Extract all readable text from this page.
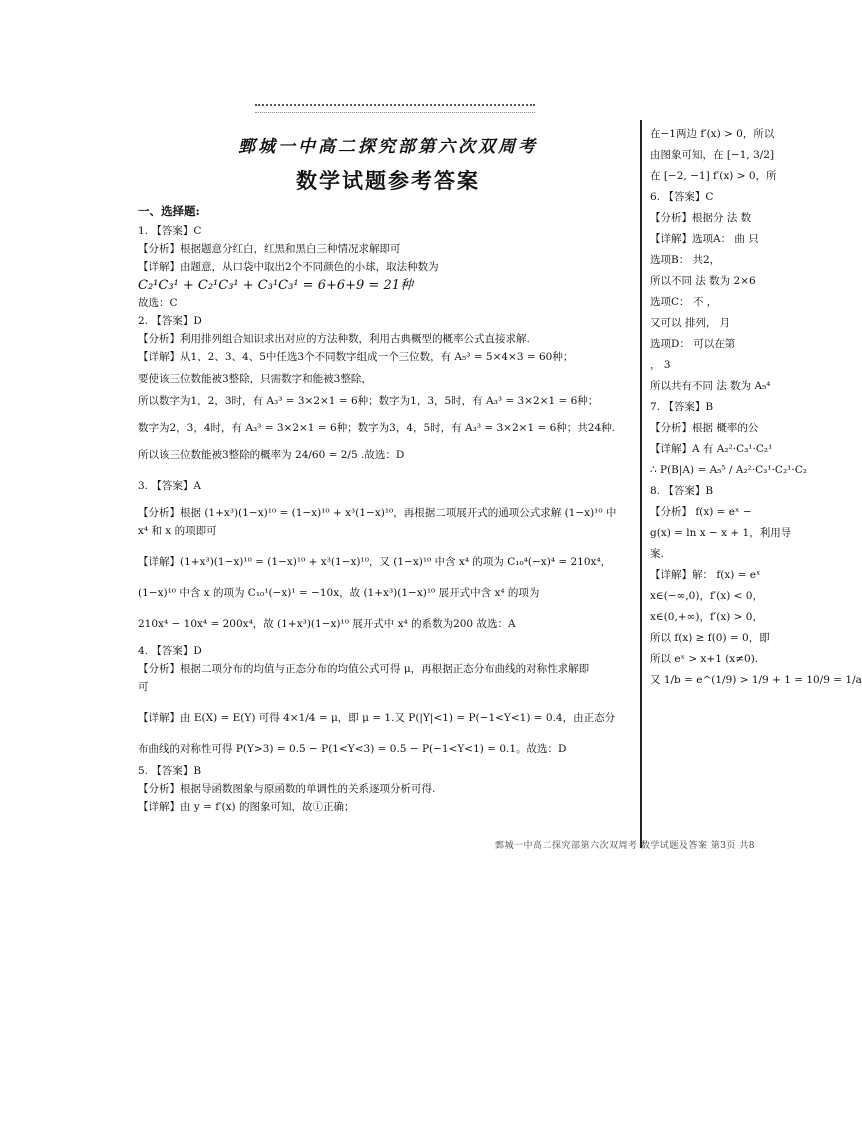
鄄城一中高二探究部第六次双周考
数学试题参考答案
一、选择题:
1. 【答案】C
【分析】根据题意分红白，红黑和黑白三种情况求解即可
【详解】由题意，从口袋中取出2个不同颜色的小球，取法种数为
C₂¹C₃¹ + C₂¹C₃¹ + C₃¹C₃¹ = 6+6+9 = 21种
故选：C
2. 【答案】D
【分析】利用排列组合知识求出对应的方法种数，利用古典概型的概率公式直接求解.
【详解】从1、2、3、4、5中任选3个不同数字组成一个三位数，有 A₅³ = 5×4×3 = 60种；
要使该三位数能被3整除，只需数字和能被3整除，
所以数字为1，2，3时，有 A₃³ = 3×2×1 = 6种；数字为1，3，5时，有 A₃³ = 3×2×1 = 6种；
数字为2，3，4时，有 A₃³ = 3×2×1 = 6种；数字为3，4，5时，有 A₃³ = 3×2×1 = 6种；共24种.
所以该三位数能被3整除的概率为 24/60 = 2/5 .故选：D
3. 【答案】A
【分析】根据 (1+x³)(1−x)¹⁰ = (1−x)¹⁰ + x³(1−x)¹⁰，再根据二项展开式的通项公式求解 (1−x)¹⁰ 中
x⁴ 和 x 的项即可
【详解】(1+x³)(1−x)¹⁰ = (1−x)¹⁰ + x³(1−x)¹⁰，又 (1−x)¹⁰ 中含 x⁴ 的项为 C₁₀⁴(−x)⁴ = 210x⁴，
(1−x)¹⁰ 中含 x 的项为 C₁₀¹(−x)¹ = −10x，故 (1+x³)(1−x)¹⁰ 展开式中含 x⁴ 的项为
210x⁴ − 10x⁴ = 200x⁴，故 (1+x³)(1−x)¹⁰ 展开式中 x⁴ 的系数为200 故选：A
4. 【答案】D
【分析】根据二项分布的均值与正态分布的均值公式可得 μ，再根据正态分布曲线的对称性求解即
可
【详解】由 E(X) = E(Y) 可得 4×1/4 = μ，即 μ = 1.又 P(|Y|<1) = P(−1<Y<1) = 0.4，由正态分
布曲线的对称性可得 P(Y>3) = 0.5 − P(1<Y<3) = 0.5 − P(−1<Y<1) = 0.1。故选：D
5. 【答案】B
【分析】根据导函数图象与原函数的单调性的关系逐项分析可得.
【详解】由 y = f′(x) 的图象可知，故①正确；
在−1两边 f′(x) > 0，所以
由图象可知，在 [−1, 3/2]
在 [−2, −1] f′(x) > 0，所
6. 【答案】C
【分析】根据分 法 数
【详解】选项A： 曲 只
选项B： 共2，
所以不同 法 数为 2×6
选项C： 不 ，
又可以 排列， 月
选项D： 可以在第
， 3
所以共有不同 法 数为 A₅⁴
7. 【答案】B
【分析】根据 概率的公
【详解】A 有 A₂²·C₃¹·C₂¹
∴ P(B|A) = A₅⁵ / A₂²·C₃¹·C₂¹·C₂
8. 【答案】B
【分析】 f(x) = eˣ −
g(x) = ln x − x + 1，利用导
案.
【详解】解： f(x) = eˣ
x∈(−∞,0)，f′(x) < 0，
x∈(0,+∞)，f′(x) > 0，
所以 f(x) ≥ f(0) = 0，即
所以 eˣ > x+1 (x≠0).
又 1/b = e^(1/9) > 1/9 + 1 = 10/9 = 1/a
鄄城一中高二探究部第六次双周考 数学试题及答案 第3页 共8
